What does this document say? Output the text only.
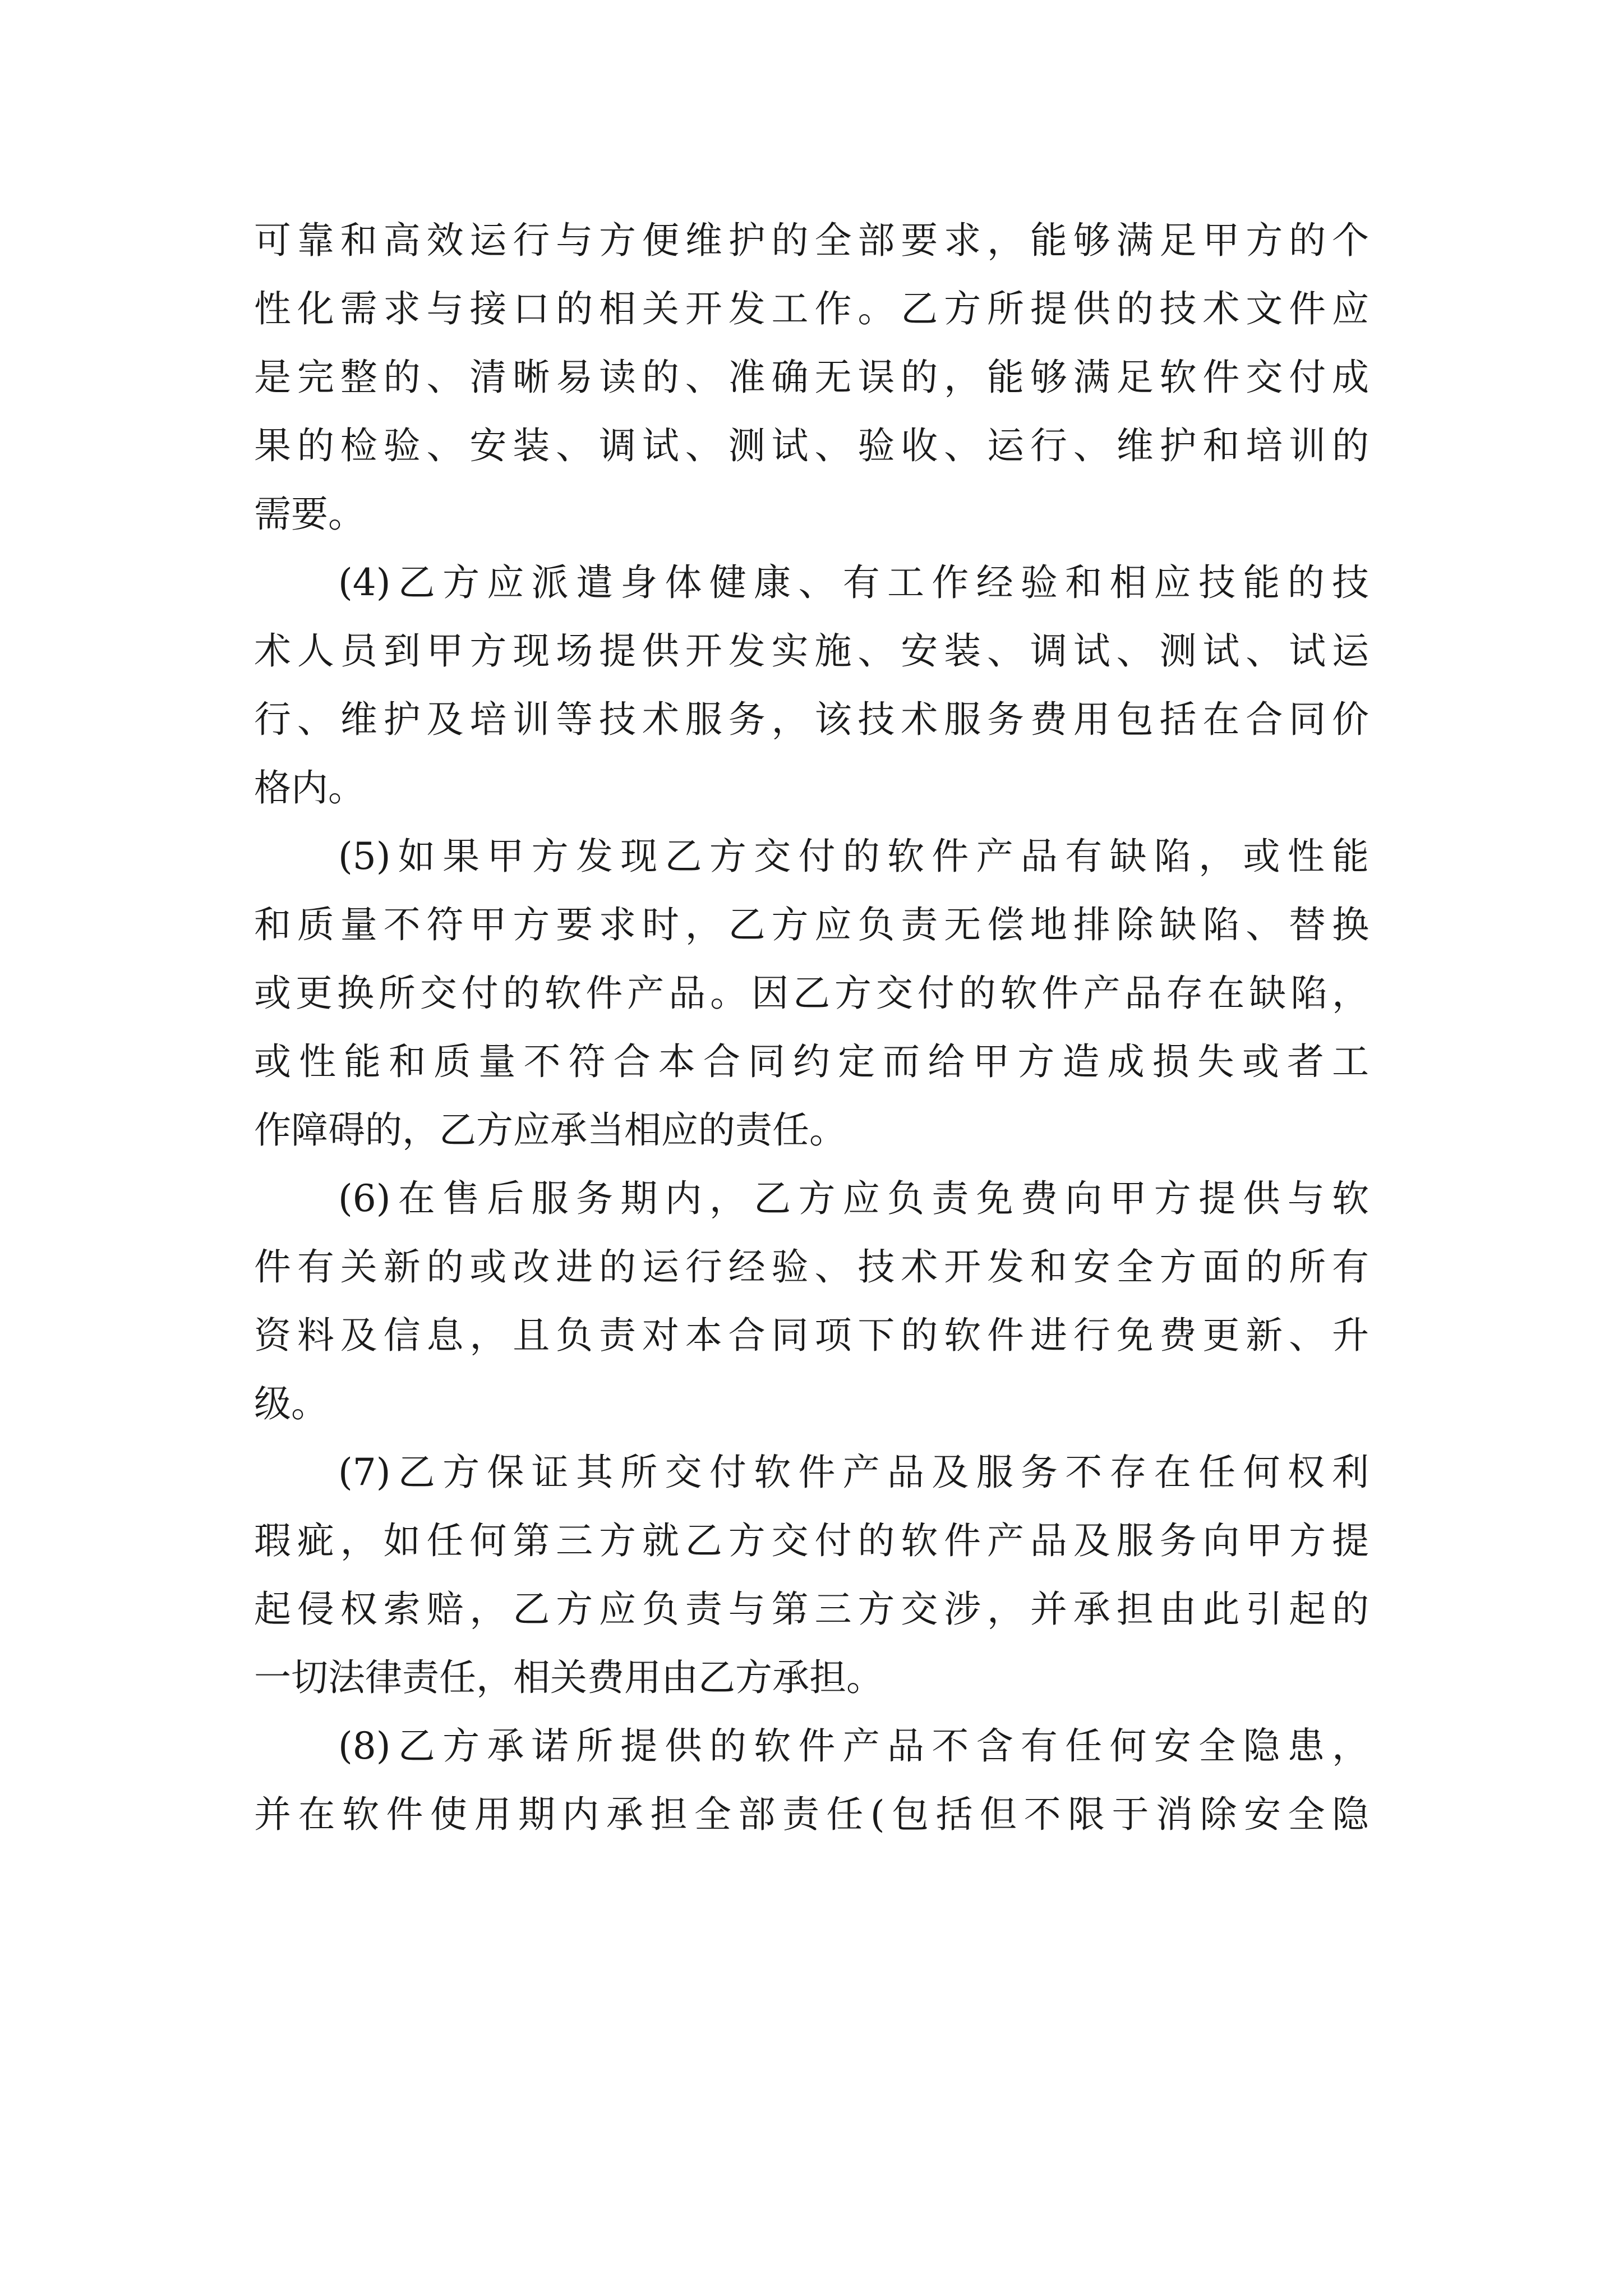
可靠和高效运行与方便维护的全部要求，能够满足甲方的个
性化需求与接口的相关开发工作。乙方所提供的技术文件应
是完整的、清晰易读的、准确无误的，能够满足软件交付成
果的检验、安装、调试、测试、验收、运行、维护和培训的
需要。
(4)乙方应派遣身体健康、有工作经验和相应技能的技
术人员到甲方现场提供开发实施、安装、调试、测试、试运
行、维护及培训等技术服务，该技术服务费用包括在合同价
格内。
(5)如果甲方发现乙方交付的软件产品有缺陷，或性能
和质量不符甲方要求时，乙方应负责无偿地排除缺陷、替换
或更换所交付的软件产品。因乙方交付的软件产品存在缺陷，
或性能和质量不符合本合同约定而给甲方造成损失或者工
作障碍的，乙方应承当相应的责任。
(6)在售后服务期内，乙方应负责免费向甲方提供与软
件有关新的或改进的运行经验、技术开发和安全方面的所有
资料及信息，且负责对本合同项下的软件进行免费更新、升
级。
(7)乙方保证其所交付软件产品及服务不存在任何权利
瑕疵，如任何第三方就乙方交付的软件产品及服务向甲方提
起侵权索赔，乙方应负责与第三方交涉，并承担由此引起的
一切法律责任，相关费用由乙方承担。
(8)乙方承诺所提供的软件产品不含有任何安全隐患，
并在软件使用期内承担全部责任(包括但不限于消除安全隐
